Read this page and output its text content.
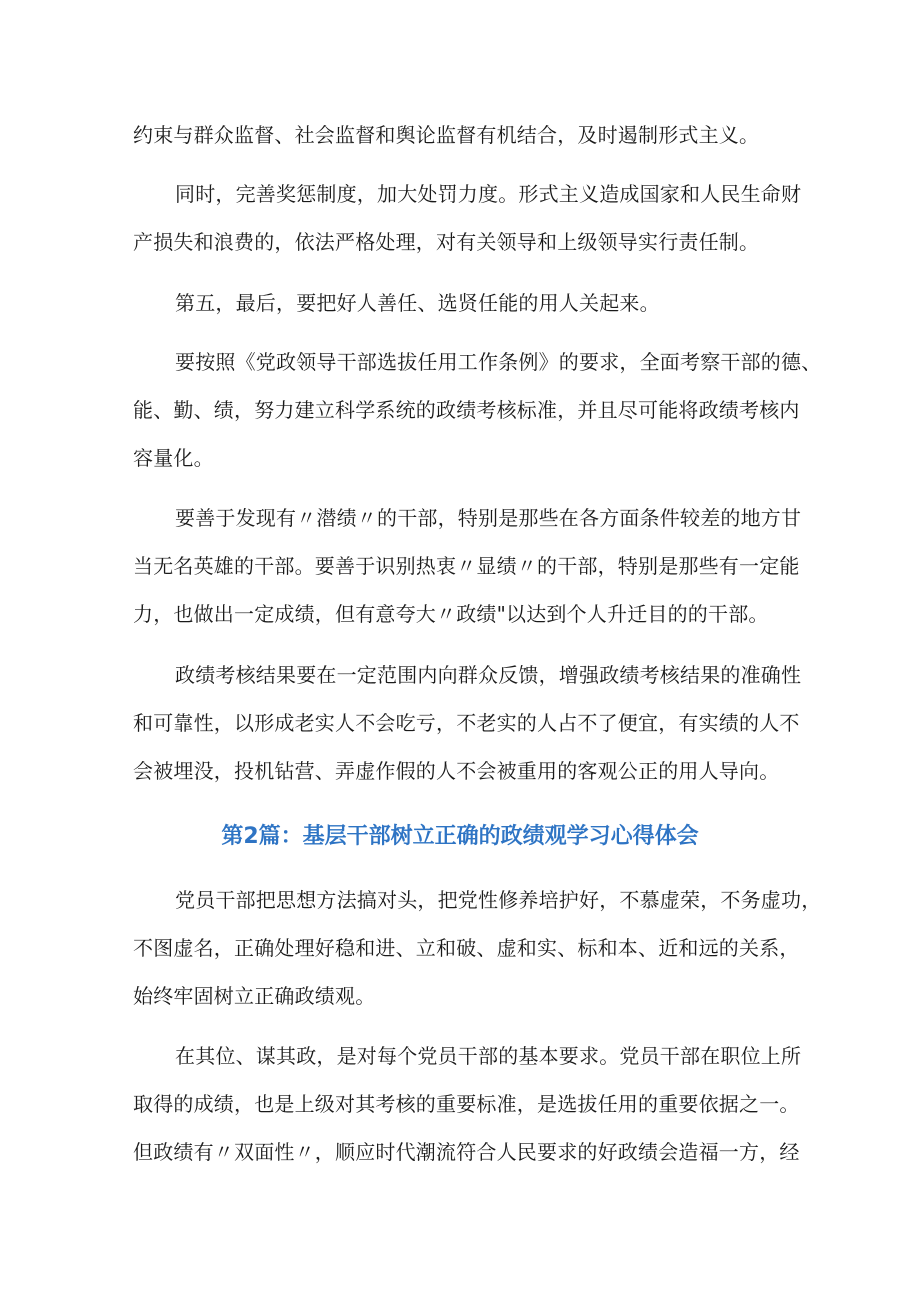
约束与群众监督、社会监督和舆论监督有机结合，及时遏制形式主义。

同时，完善奖惩制度，加大处罚力度。形式主义造成国家和人民生命财
产损失和浪费的，依法严格处理，对有关领导和上级领导实行责任制。

第五，最后，要把好人善任、选贤任能的用人关起来。

要按照《党政领导干部选拔任用工作条例》的要求，全面考察干部的德、
能、勤、绩，努力建立科学系统的政绩考核标准，并且尽可能将政绩考核内
容量化。

要善于发现有〃潜绩〃的干部，特别是那些在各方面条件较差的地方甘
当无名英雄的干部。要善于识别热衷〃显绩〃的干部，特别是那些有一定能
力，也做出一定成绩，但有意夸大〃政绩"以达到个人升迁目的的干部。

政绩考核结果要在一定范围内向群众反馈，增强政绩考核结果的准确性
和可靠性，以形成老实人不会吃亏，不老实的人占不了便宜，有实绩的人不
会被埋没，投机钻营、弄虚作假的人不会被重用的客观公正的用人导向。

第2篇：基层干部树立正确的政绩观学习心得体会

党员干部把思想方法搞对头，把党性修养培护好，不慕虚荣，不务虚功，
不图虚名，正确处理好稳和进、立和破、虚和实、标和本、近和远的关系，
始终牢固树立正确政绩观。

在其位、谋其政，是对每个党员干部的基本要求。党员干部在职位上所
取得的成绩，也是上级对其考核的重要标准，是选拔任用的重要依据之一。
但政绩有〃双面性〃，顺应时代潮流符合人民要求的好政绩会造福一方，经
